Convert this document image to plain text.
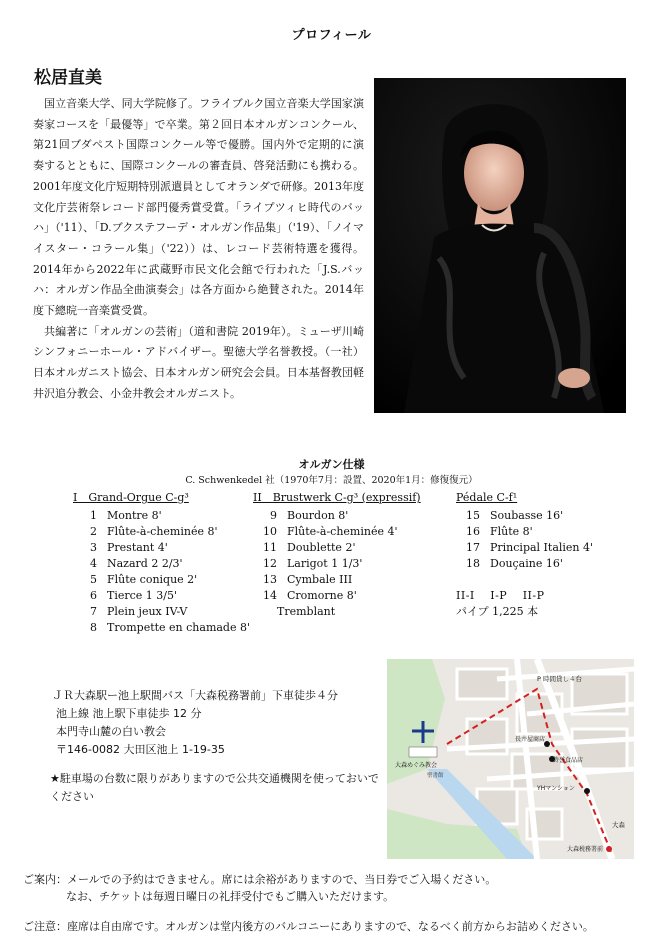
プロフィール
松居直美

国立音楽大学、同大学院修了。フライブルク国立音楽大学国家演奏家コースを「最優等」で卒業。第２回日本オルガンコンクール、第21回ブダペスト国際コンクール等で優勝。国内外で定期的に演奏するとともに、国際コンクールの審査員、啓発活動にも携わる。2001年度文化庁短期特別派遣員としてオランダで研修。2013年度文化庁芸術祭レコード部門優秀賞受賞。「ライプツィヒ時代のバッハ」（'11）、「D.ブクステフーデ・オルガン作品集」（'19）、「ノイマイスター・コラール集」（'22））は、レコード芸術特選を獲得。2014年から2022年に武蔵野市民文化会館で行われた「J.S.バッハ：オルガン作品全曲演奏会」は各方面から絶賛された。2014年度下總晥一音楽賞受賞。

共編著に「オルガンの芸術」（道和書院 2019年）。ミューザ川崎シンフォニーホール・アドバイザー。聖徳大学名誉教授。（一社）日本オルガニスト協会、日本オルガン研究会会員。日本基督教団軽井沢追分教会、小金井教会オルガニスト。

オルガン仕様
C. Schwenkedel 社（1970年7月：設置、2020年1月：修復復元）
I　Grand-Orgue C-g³
1 Montre 8'
2 Flûte-à-cheminée 8'
3 Prestant 4'
4 Nazard 2 2/3'
5 Flûte conique 2'
6 Tierce 1 3/5'
7 Plein jeux IV-V
8 Trompette en chamade 8'
II　Brustwerk C-g³ (expressif)
9 Bourdon 8'
10 Flûte-à-cheminée 4'
11 Doublette 2'
12 Larigot 1 1/3'
13 Cymbale III
14 Cromorne 8'
Tremblant
Pédale C-f¹
15 Soubasse 16'
16 Flûte 8'
17 Principal Italien 4'
18 Douçaine 16'
II-I　 I-P　 II-P
パイプ 1,225 本
ＪＲ大森駅ー池上駅間バス「大森税務署前」下車徒歩４分
池上線 池上駅下車徒歩 12 分
本門寺山麓の白い教会
〒146-0082 大田区池上 1-19-35
★駐車場の台数に限りがありますので公共交通機関を使っておいでください
P 時間貸し４台
大森めぐみ教会
聖書館
長井屋商店
鈴誉食品店
YHマンション
大森税務署前
大森
ご案内：メールでの予約はできません。席には余裕がありますので、当日券でご入場ください。
なお、チケットは毎週日曜日の礼拝受付でもご購入いただけます。
ご注意：座席は自由席です。オルガンは堂内後方のバルコニーにありますので、なるべく前方からお詰めください。
